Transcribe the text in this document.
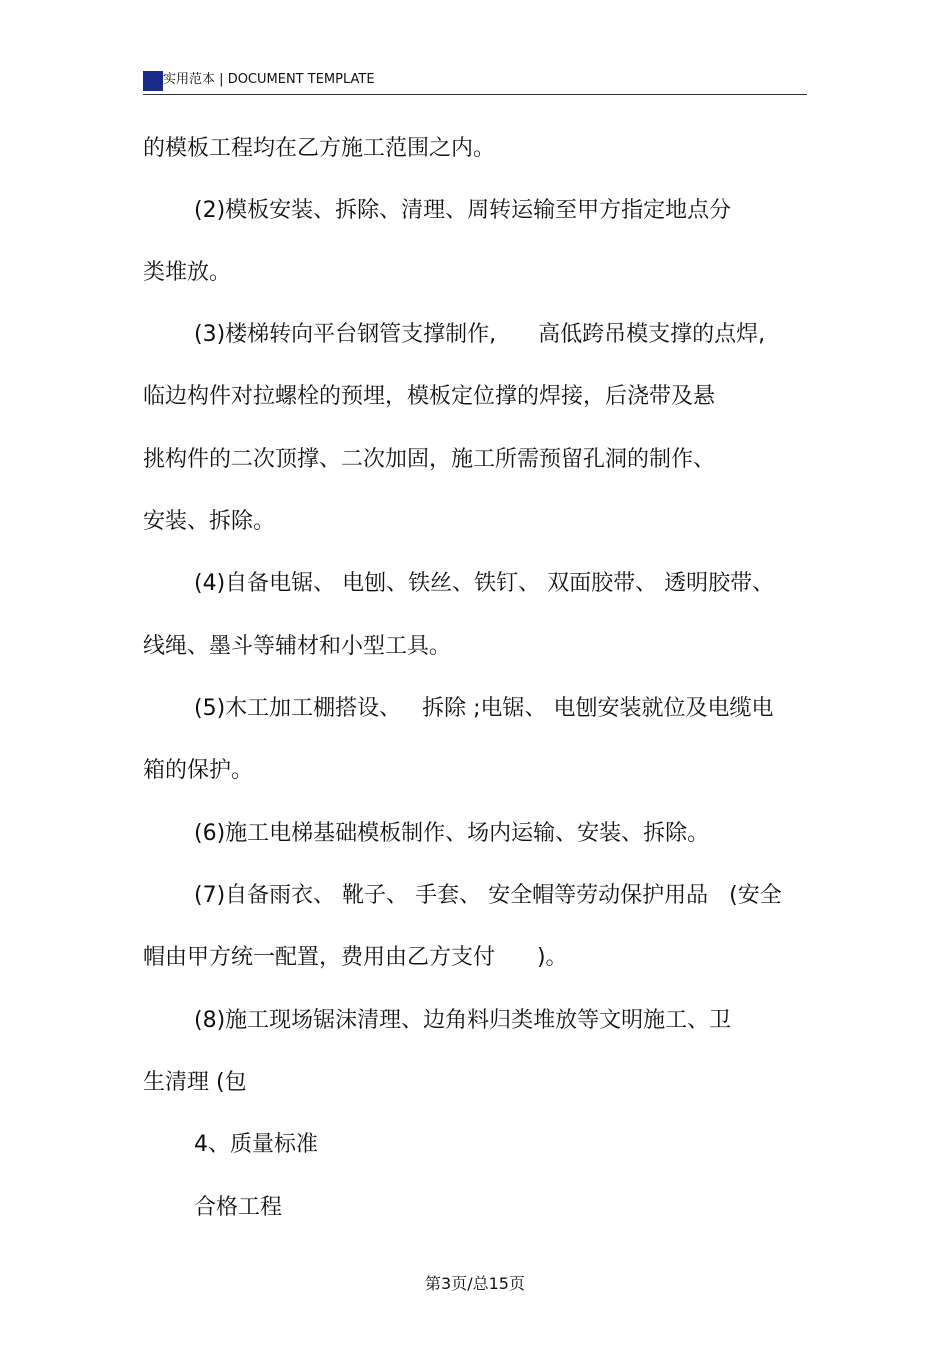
实用范本 | DOCUMENT TEMPLATE
的模板工程均在乙方施工范围之内。
(2)模板安装、拆除、清理、周转运输至甲方指定地点分
类堆放。
(3)楼梯转向平台钢管支撑制作,      高低跨吊模支撑的点焊,
临边构件对拉螺栓的预埋，模板定位撑的焊接，后浇带及悬
挑构件的二次顶撑、二次加固，施工所需预留孔洞的制作、
安装、拆除。
(4)自备电锯、 电刨、铁丝、铁钉、 双面胶带、 透明胶带、
线绳、墨斗等辅材和小型工具。
(5)木工加工棚搭设、   拆除 ;电锯、 电刨安装就位及电缆电
箱的保护。
(6)施工电梯基础模板制作、场内运输、安装、拆除。
(7)自备雨衣、 靴子、 手套、 安全帽等劳动保护用品   (安全
帽由甲方统一配置，费用由乙方支付      )。
(8)施工现场锯沫清理、边角料归类堆放等文明施工、卫
生清理 (包
4、质量标准
合格工程
第3页/总15页
